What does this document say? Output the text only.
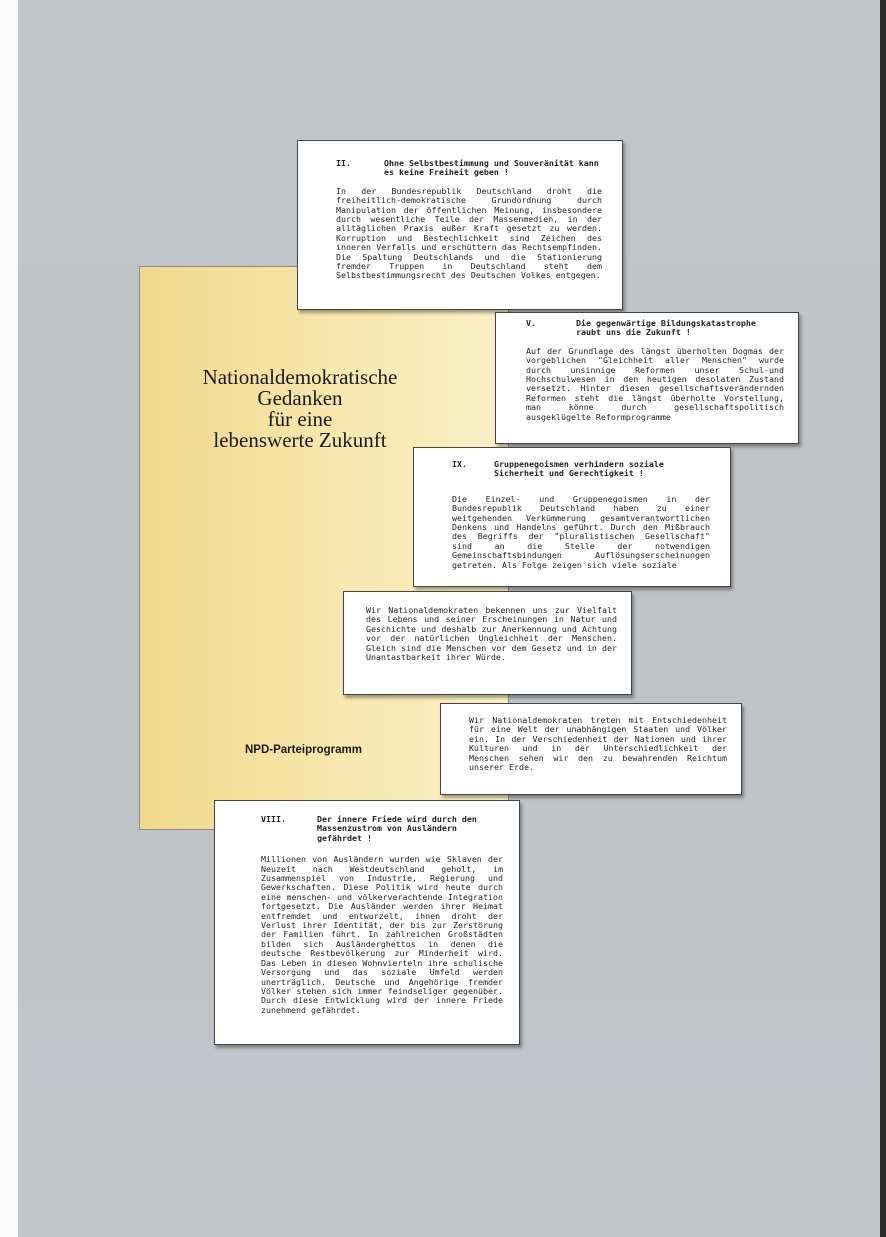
Nationaldemokratische
Gedanken
für eine
lebenswerte Zukunft
NPD-Parteiprogramm
II.	Ohne Selbstbestimmung und Souveränität kann es keine Freiheit geben !
In der Bundesrepublik Deutschland droht die freiheitlich-demokratische Grundordnung durch Manipulation der öffentlichen Meinung, insbesondere durch wesentliche Teile der Massenmedien, in der alltäglichen Praxis außer Kraft gesetzt zu werden. Korruption und Bestechlichkeit sind Zeichen des inneren Verfalls und erschüttern das Rechtsempfinden. Die Spaltung Deutschlands und die Stationierung fremder Truppen in Deutschland steht dem Selbstbestimmungsrecht des Deutschen Volkes entgegen.
V.	Die gegenwärtige Bildungskatastrophe raubt uns die Zukunft !
Auf der Grundlage des längst überholten Dogmas der vorgeblichen "Gleichheit aller Menschen" wurde durch unsinnige Reformen unser Schul-und Hochschulwesen in den heutigen desolaten Zustand versetzt. Hinter diesen gesellschaftsverändernden Reformen steht die längst überholte Vorstellung, man könne durch gesellschaftspolitisch ausgeklügelte Reformprogramme
IX.	Gruppenegoismen verhindern soziale Sicherheit und Gerechtigkeit !
Die Einzel- und Gruppenegoismen in der Bundesrepublik Deutschland haben zu einer weitgehenden Verkümmerung gesamtverantwortlichen Denkens und Handelns geführt. Durch den Mißbrauch des Begriffs der "pluralistischen Gesellschaft" sind an die Stelle der notwendigen Gemeinschaftsbindungen Auflösungserscheinungen getreten. Als Folge zeigen sich viele soziale
Wir Nationaldemokraten bekennen uns zur Vielfalt des Lebens und seiner Erscheinungen in Natur und Geschichte und deshalb zur Anerkennung und Achtung vor der natürlichen Ungleichheit der Menschen. Gleich sind die Menschen vor dem Gesetz und in der Unantastbarkeit ihrer Würde.
Wir Nationaldemokraten treten mit Entschiedenheit für eine Welt der unabhängigen Staaten und Völker ein. In der Verschiedenheit der Nationen und ihrer Kulturen und in der Unterschiedlichkeit der Menschen sehen wir den zu bewahrenden Reichtum unserer Erde.
VIII.	Der innere Friede wird durch den Massenzustrom von Ausländern gefährdet !
Millionen von Ausländern wurden wie Sklaven der Neuzeit nach Westdeutschland geholt, im Zusammenspiel von Industrie, Regierung und Gewerkschaften. Diese Politik wird heute durch eine menschen- und völkerverachtende Integration fortgesetzt. Die Ausländer werden ihrer Heimat entfremdet und entwurzelt, ihnen droht der Verlust ihrer Identität, der bis zur Zerstörung der Familien führt. In zahlreichen Großstädten bilden sich Ausländerghettos in denen die deutsche Restbevölkerung zur Minderheit wird. Das Leben in diesen Wohnvierteln ihre schulische Versorgung und das soziale Umfeld werden unerträglich. Deutsche und Angehörige fremder Völker stehen sich immer feindseliger gegenüber. Durch diese Entwicklung wird der innere Friede zunehmend gefährdet.
